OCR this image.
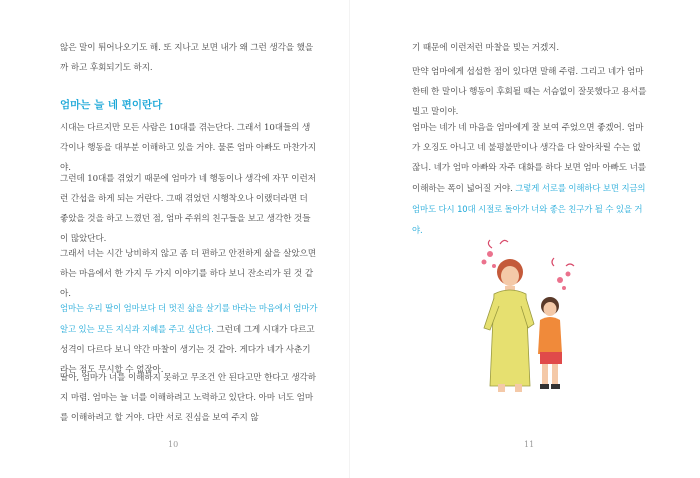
않은 말이 튀어나오기도 해. 또 지나고 보면 내가 왜 그런 생각을 했을까 하고 후회되기도 하지.

엄마는 늘 네 편이란다

시대는 다르지만 모든 사람은 10대를 겪는단다. 그래서 10대들의 생각이나 행동을 대부분 이해하고 있을 거야. 물론 엄마 아빠도 마찬가지야.

그런데 10대를 겪었기 때문에 엄마가 네 행동이나 생각에 자꾸 이런저런 간섭을 하게 되는 거란다. 그때 겪었던 시행착오나 이랬더라면 더 좋았을 것을 하고 느꼈던 점, 엄마 주위의 친구들을 보고 생각한 것들이 많았단다.

그래서 너는 시간 낭비하지 않고 좀 더 편하고 안전하게 삶을 살았으면 하는 마음에서 한 가지 두 가지 이야기를 하다 보니 잔소리가 된 것 같아.

엄마는 우리 딸이 엄마보다 더 멋진 삶을 살기를 바라는 마음에서 엄마가 알고 있는 모든 지식과 지혜를 주고 싶단다. 그런데 그게 시대가 다르고 성격이 다르다 보니 약간 마찰이 생기는 것 같아. 게다가 네가 사춘기라는 점도 무시할 수 없잖아.

딸아, 엄마가 너를 이해하지 못하고 무조건 안 된다고만 한다고 생각하지 마렴. 엄마는 늘 너를 이해하려고 노력하고 있단다. 아마 너도 엄마를 이해하려고 할 거야. 다만 서로 진심을 보여 주지 않

10

기 때문에 이런저런 마찰을 빚는 거겠지.

만약 엄마에게 섭섭한 점이 있다면 말해 주렴. 그리고 네가 엄마한테 한 말이나 행동이 후회될 때는 서슴없이 잘못했다고 용서를 빌고 말이야.

엄마는 네가 네 마음을 엄마에게 잘 보여 주었으면 좋겠어. 엄마가 오징도 아니고 네 불평불만이나 생각을 다 알아차릴 수는 없잖니. 네가 엄마 아빠와 자주 대화를 하다 보면 엄마 아빠도 너를 이해하는 폭이 넓어질 거야. 그렇게 서로를 이해하다 보면 지금의 엄마도 다시 10대 시절로 돌아가 너와 좋은 친구가 될 수 있을 거야.

11
